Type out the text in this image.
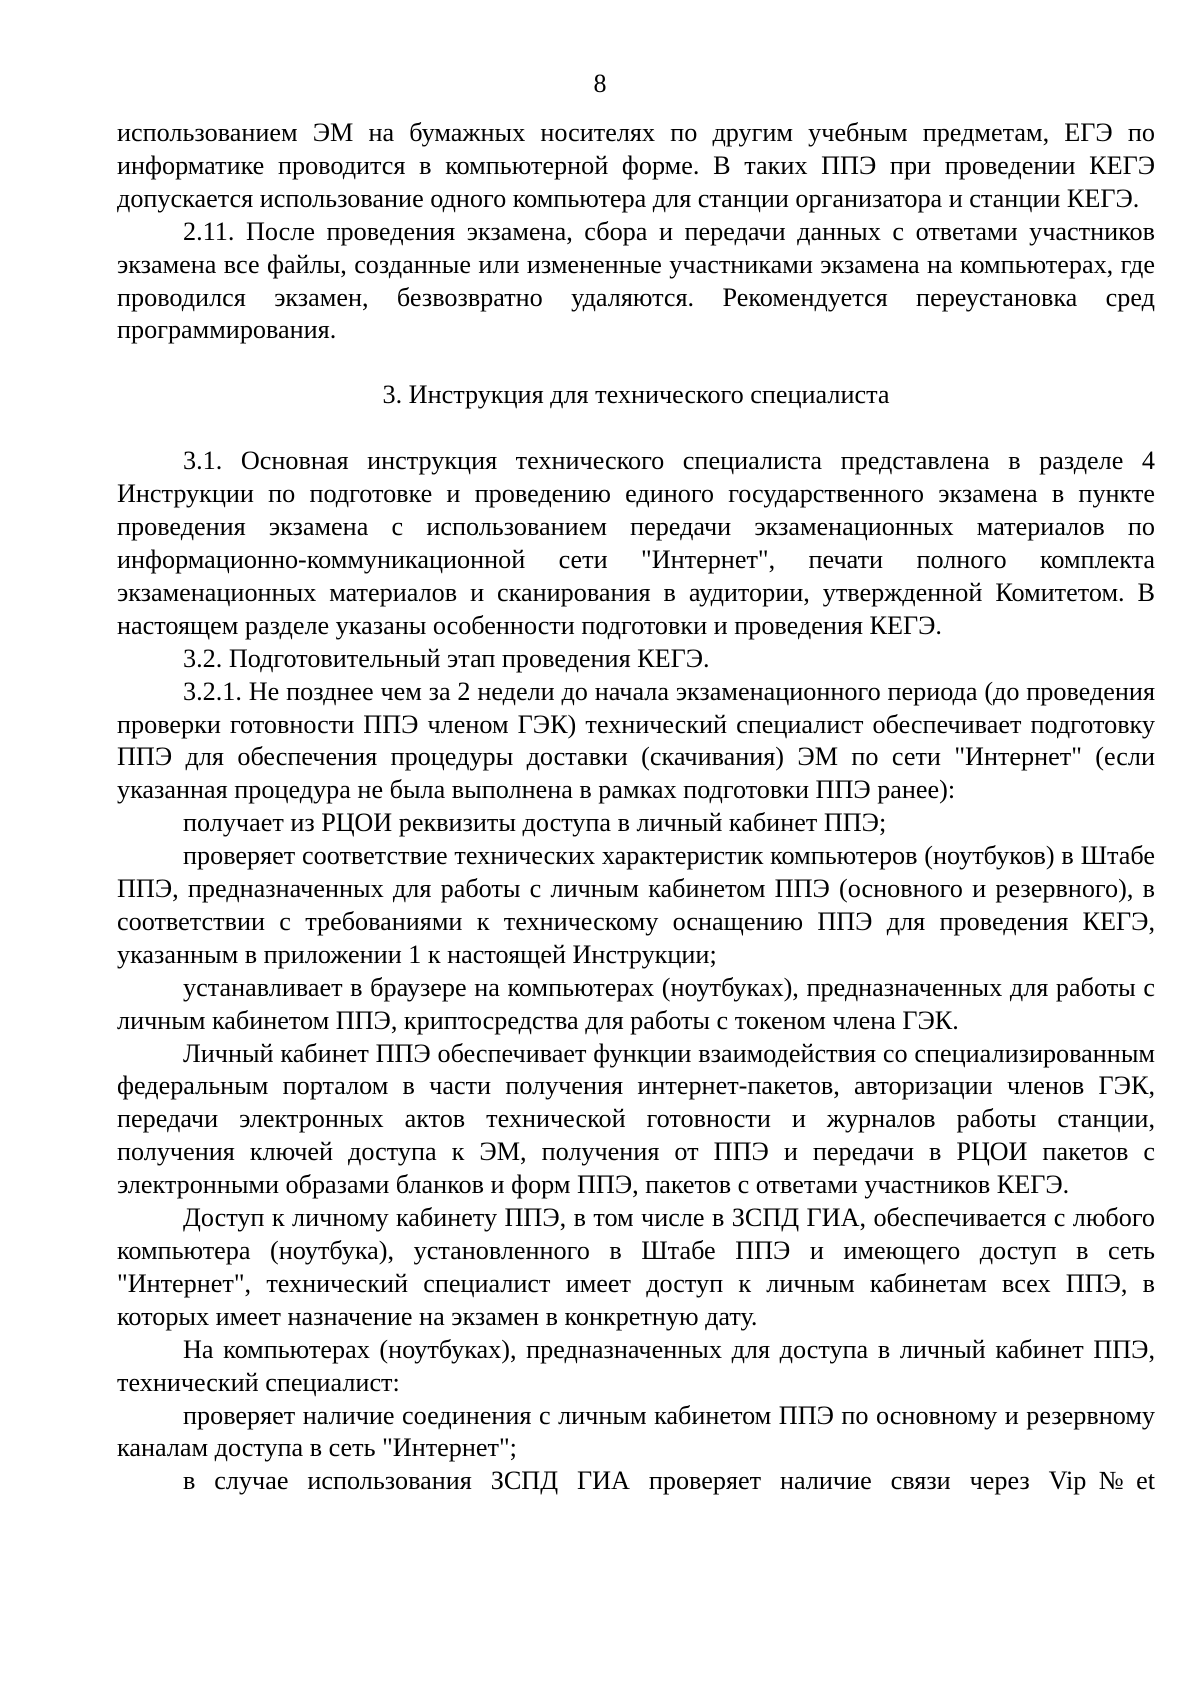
8

использованием ЭМ на бумажных носителях по другим учебным предметам, ЕГЭ по информатике проводится в компьютерной форме. В таких ППЭ при проведении КЕГЭ допускается использование одного компьютера для станции организатора и станции КЕГЭ.

2.11. После проведения экзамена, сбора и передачи данных с ответами участников экзамена все файлы, созданные или измененные участниками экзамена на компьютерах, где проводился экзамен, безвозвратно удаляются. Рекомендуется переустановка сред программирования.

3. Инструкция для технического специалиста

3.1. Основная инструкция технического специалиста представлена в разделе 4 Инструкции по подготовке и проведению единого государственного экзамена в пункте проведения экзамена с использованием передачи экзаменационных материалов по информационно-коммуникационной сети "Интернет", печати полного комплекта экзаменационных материалов и сканирования в аудитории, утвержденной Комитетом. В настоящем разделе указаны особенности подготовки и проведения КЕГЭ.

3.2. Подготовительный этап проведения КЕГЭ.

3.2.1. Не позднее чем за 2 недели до начала экзаменационного периода (до проведения проверки готовности ППЭ членом ГЭК) технический специалист обеспечивает подготовку ППЭ для обеспечения процедуры доставки (скачивания) ЭМ по сети "Интернет" (если указанная процедура не была выполнена в рамках подготовки ППЭ ранее):

получает из РЦОИ реквизиты доступа в личный кабинет ППЭ;

проверяет соответствие технических характеристик компьютеров (ноутбуков) в Штабе ППЭ, предназначенных для работы с личным кабинетом ППЭ (основного и резервного), в соответствии с требованиями к техническому оснащению ППЭ для проведения КЕГЭ, указанным в приложении 1 к настоящей Инструкции;

устанавливает в браузере на компьютерах (ноутбуках), предназначенных для работы с личным кабинетом ППЭ, криптосредства для работы с токеном члена ГЭК.

Личный кабинет ППЭ обеспечивает функции взаимодействия со специализированным федеральным порталом в части получения интернет-пакетов, авторизации членов ГЭК, передачи электронных актов технической готовности и журналов работы станции, получения ключей доступа к ЭМ, получения от ППЭ и передачи в РЦОИ пакетов с электронными образами бланков и форм ППЭ, пакетов с ответами участников КЕГЭ.

Доступ к личному кабинету ППЭ, в том числе в ЗСПД ГИА, обеспечивается с любого компьютера (ноутбука), установленного в Штабе ППЭ и имеющего доступ в сеть "Интернет", технический специалист имеет доступ к личным кабинетам всех ППЭ, в которых имеет назначение на экзамен в конкретную дату.

На компьютерах (ноутбуках), предназначенных для доступа в личный кабинет ППЭ, технический специалист:

проверяет наличие соединения с личным кабинетом ППЭ по основному и резервному каналам доступа в сеть "Интернет";

в случае использования ЗСПД ГИА проверяет наличие связи через Vip№et
